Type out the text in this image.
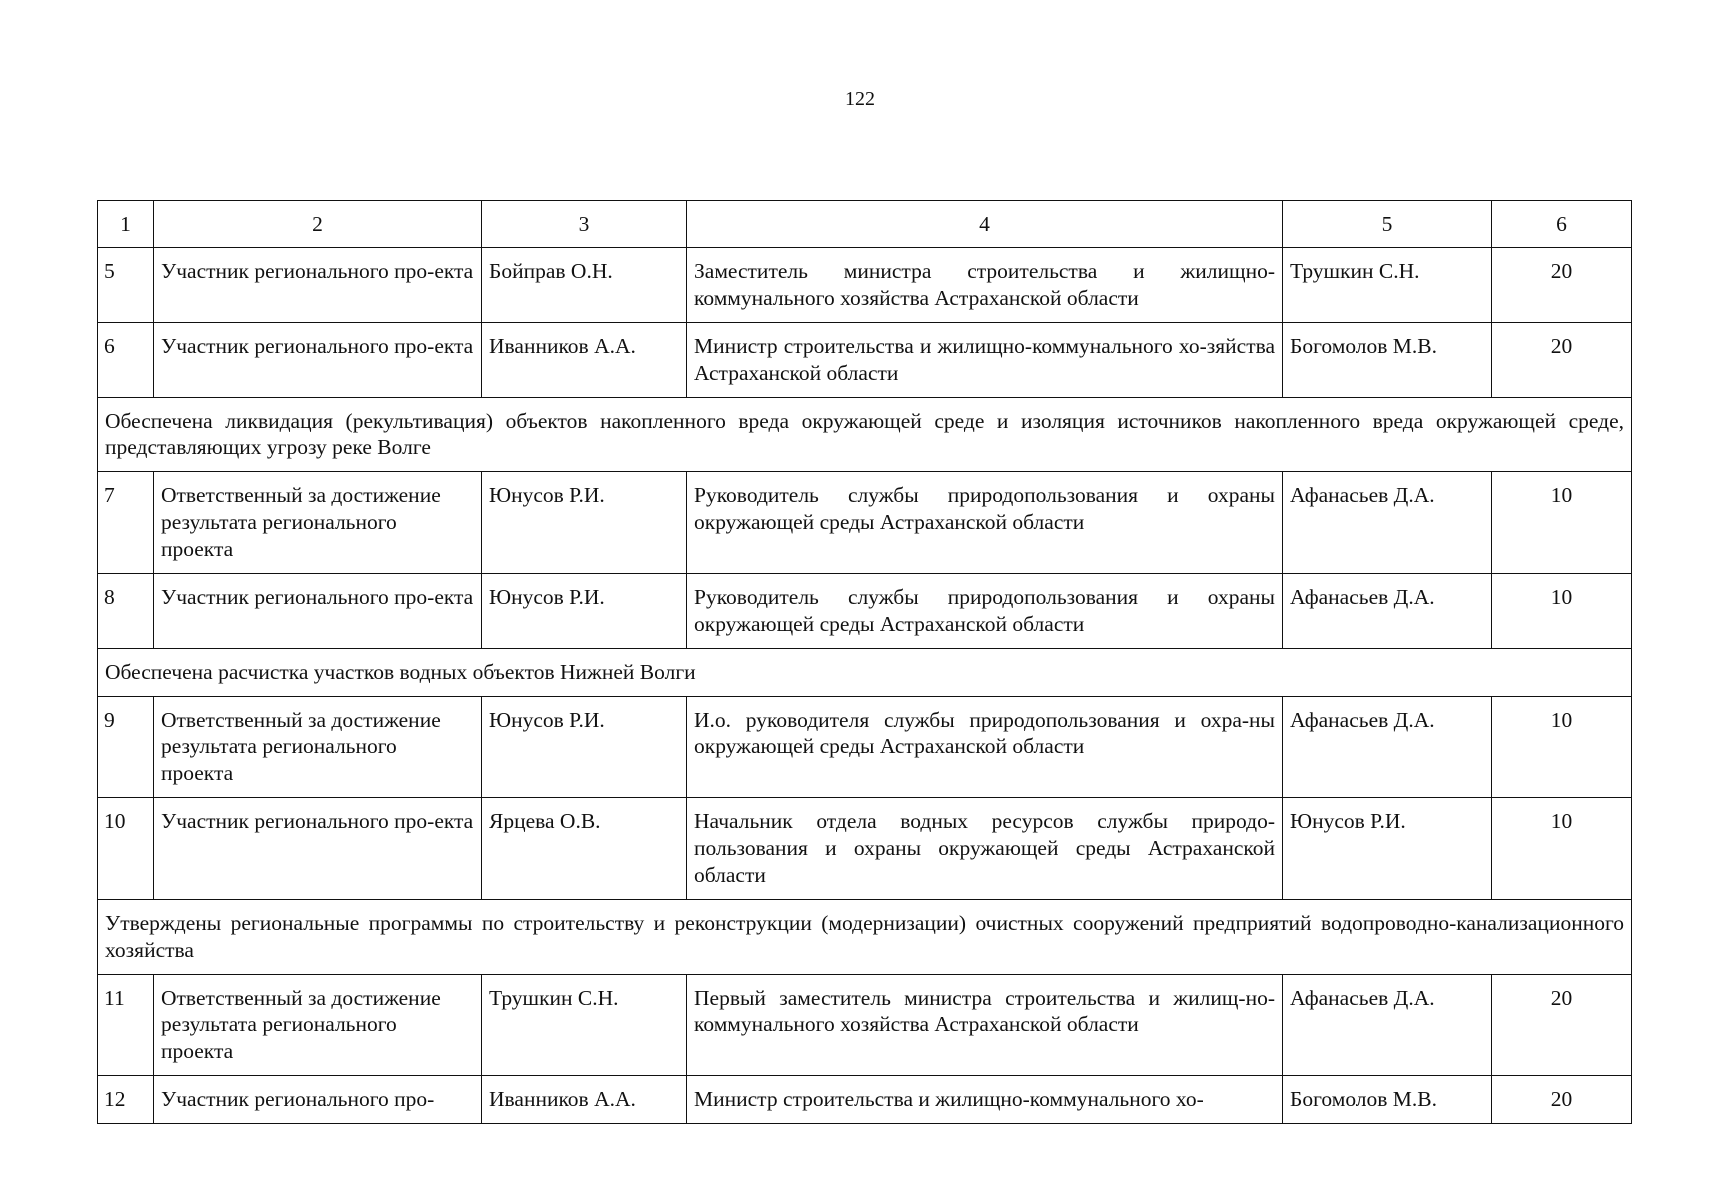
122
1	2	3	4	5	6
5	Участник регионального про-екта	Бойправ О.Н.	Заместитель министра строительства и жилищно-коммунального хозяйства Астраханской области	Трушкин С.Н.	20
6	Участник регионального про-екта	Иванников А.А.	Министр строительства и жилищно-коммунального хо-зяйства Астраханской области	Богомолов М.В.	20
Обеспечена ликвидация (рекультивация) объектов накопленного вреда окружающей среде и изоляция источников накопленного вреда окружающей среде, представляющих угрозу реке Волге					
7	Ответственный за достижение результата регионального проекта	Юнусов Р.И.	Руководитель службы природопользования и охраны окружающей среды Астраханской области	Афанасьев Д.А.	10
8	Участник регионального про-екта	Юнусов Р.И.	Руководитель службы природопользования и охраны окружающей среды Астраханской области	Афанасьев Д.А.	10
Обеспечена расчистка участков водных объектов Нижней Волги					
9	Ответственный за достижение результата регионального проекта	Юнусов Р.И.	И.о. руководителя службы природопользования и охра-ны окружающей среды Астраханской области	Афанасьев Д.А.	10
10	Участник регионального про-екта	Ярцева О.В.	Начальник отдела водных ресурсов службы природо-пользования и охраны окружающей среды Астраханской области	Юнусов Р.И.	10
Утверждены региональные программы по строительству и реконструкции (модернизации) очистных сооружений предприятий водопроводно-канализационного хозяйства					
11	Ответственный за достижение результата регионального проекта	Трушкин С.Н.	Первый заместитель министра строительства и жилищ-но-коммунального хозяйства Астраханской области	Афанасьев Д.А.	20
12	Участник регионального про-	Иванников А.А.	Министр строительства и жилищно-коммунального хо-	Богомолов М.В.	20
